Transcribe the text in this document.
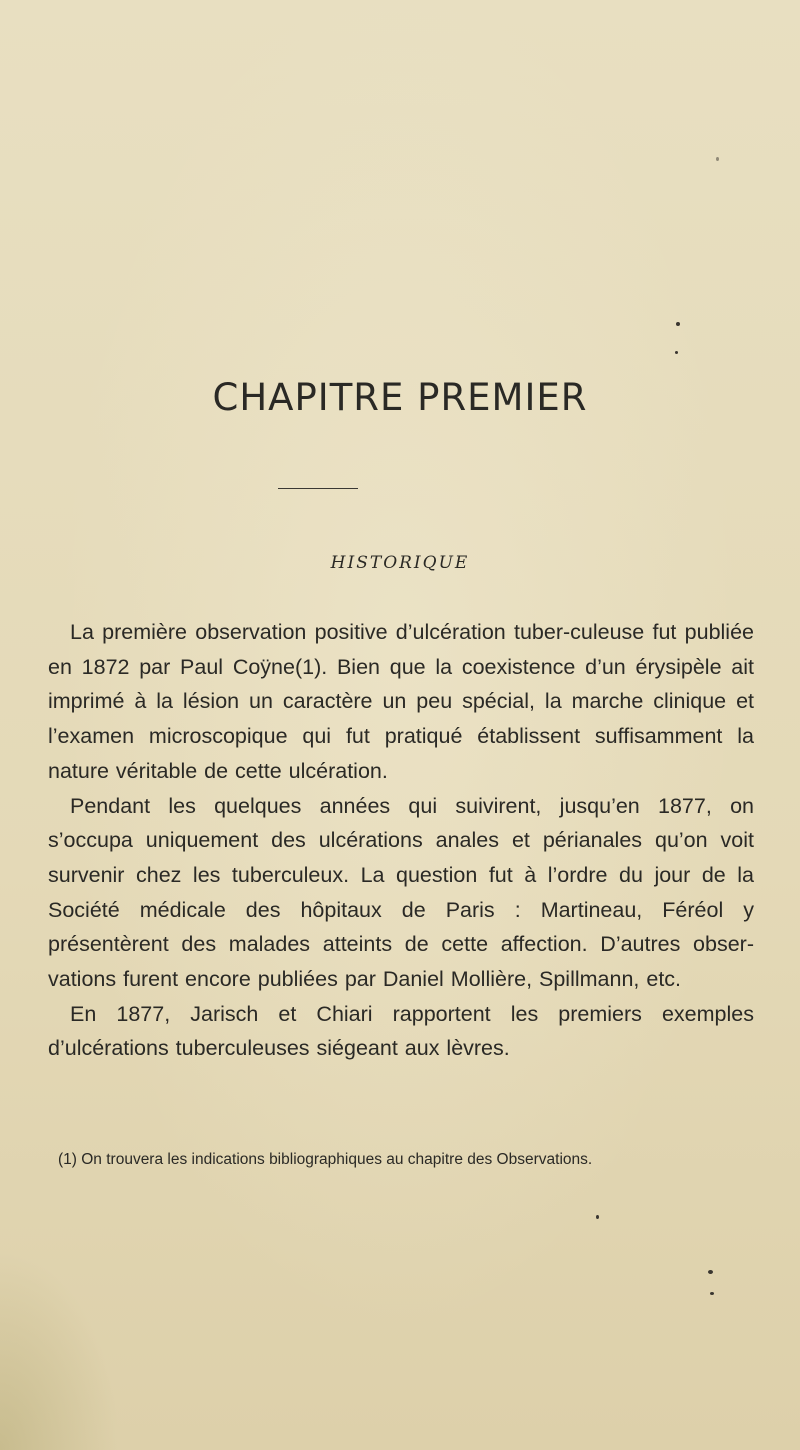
CHAPITRE PREMIER
HISTORIQUE

La première observation positive d’ulcération tuber-culeuse fut publiée en 1872 par Paul Coÿne(1). Bien que la coexistence d’un érysipèle ait imprimé à la lésion un caractère un peu spécial, la marche clinique et l’examen microscopique qui fut pratiqué établissent suffisamment la nature véritable de cette ulcération.

Pendant les quelques années qui suivirent, jusqu’en 1877, on s’occupa uniquement des ulcérations anales et périanales qu’on voit survenir chez les tuberculeux. La question fut à l’ordre du jour de la Société médicale des hôpitaux de Paris : Martineau, Féréol y présentèrent des malades atteints de cette affection. D’autres obser-vations furent encore publiées par Daniel Mollière, Spillmann, etc.

En 1877, Jarisch et Chiari rapportent les premiers exemples d’ulcérations tuberculeuses siégeant aux lèvres.

(1) On trouvera les indications bibliographiques au chapitre des Observations.
